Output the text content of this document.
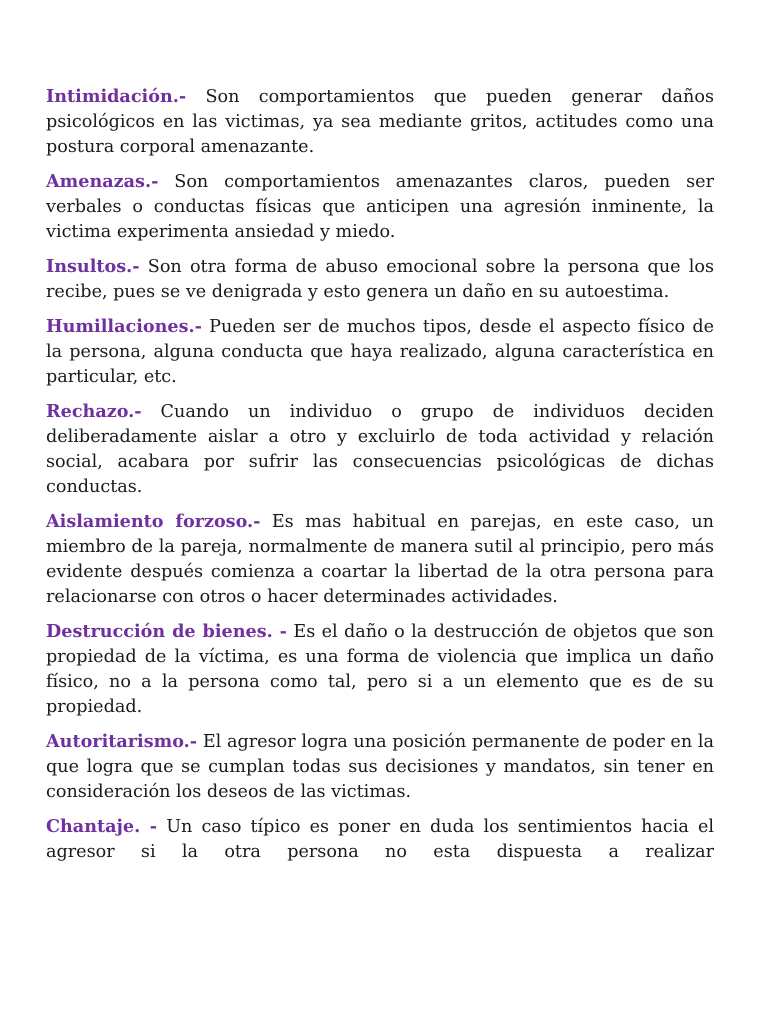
Intimidación.- Son comportamientos que pueden generar daños psicológicos en las victimas, ya sea mediante gritos, actitudes como una postura corporal amenazante.

Amenazas.- Son comportamientos amenazantes claros, pueden ser verbales o conductas físicas que anticipen una agresión inminente, la victima experimenta ansiedad y miedo.

Insultos.- Son otra forma de abuso emocional sobre la persona que los recibe, pues se ve denigrada y esto genera un daño en su autoestima.

Humillaciones.- Pueden ser de muchos tipos, desde el aspecto físico de la persona, alguna conducta que haya realizado, alguna característica en particular, etc.

Rechazo.- Cuando un individuo o grupo de individuos deciden deliberadamente aislar a otro y excluirlo de toda actividad y relación social, acabara por sufrir las consecuencias psicológicas de dichas conductas.

Aislamiento forzoso.- Es mas habitual en parejas, en este caso, un miembro de la pareja, normalmente de manera sutil al principio, pero más evidente después comienza a coartar la libertad de la otra persona para relacionarse con otros o hacer determinades actividades.

Destrucción de bienes. - Es el daño o la destrucción de objetos que son propiedad de la víctima, es una forma de violencia que implica un daño físico, no a la persona como tal, pero si a un elemento que es de su propiedad.

Autoritarismo.- El agresor logra una posición permanente de poder en la que logra que se cumplan todas sus decisiones y mandatos, sin tener en consideración los deseos de las victimas.

Chantaje. - Un caso típico es poner en duda los sentimientos hacia el agresor si la otra persona no esta dispuesta a realizar
